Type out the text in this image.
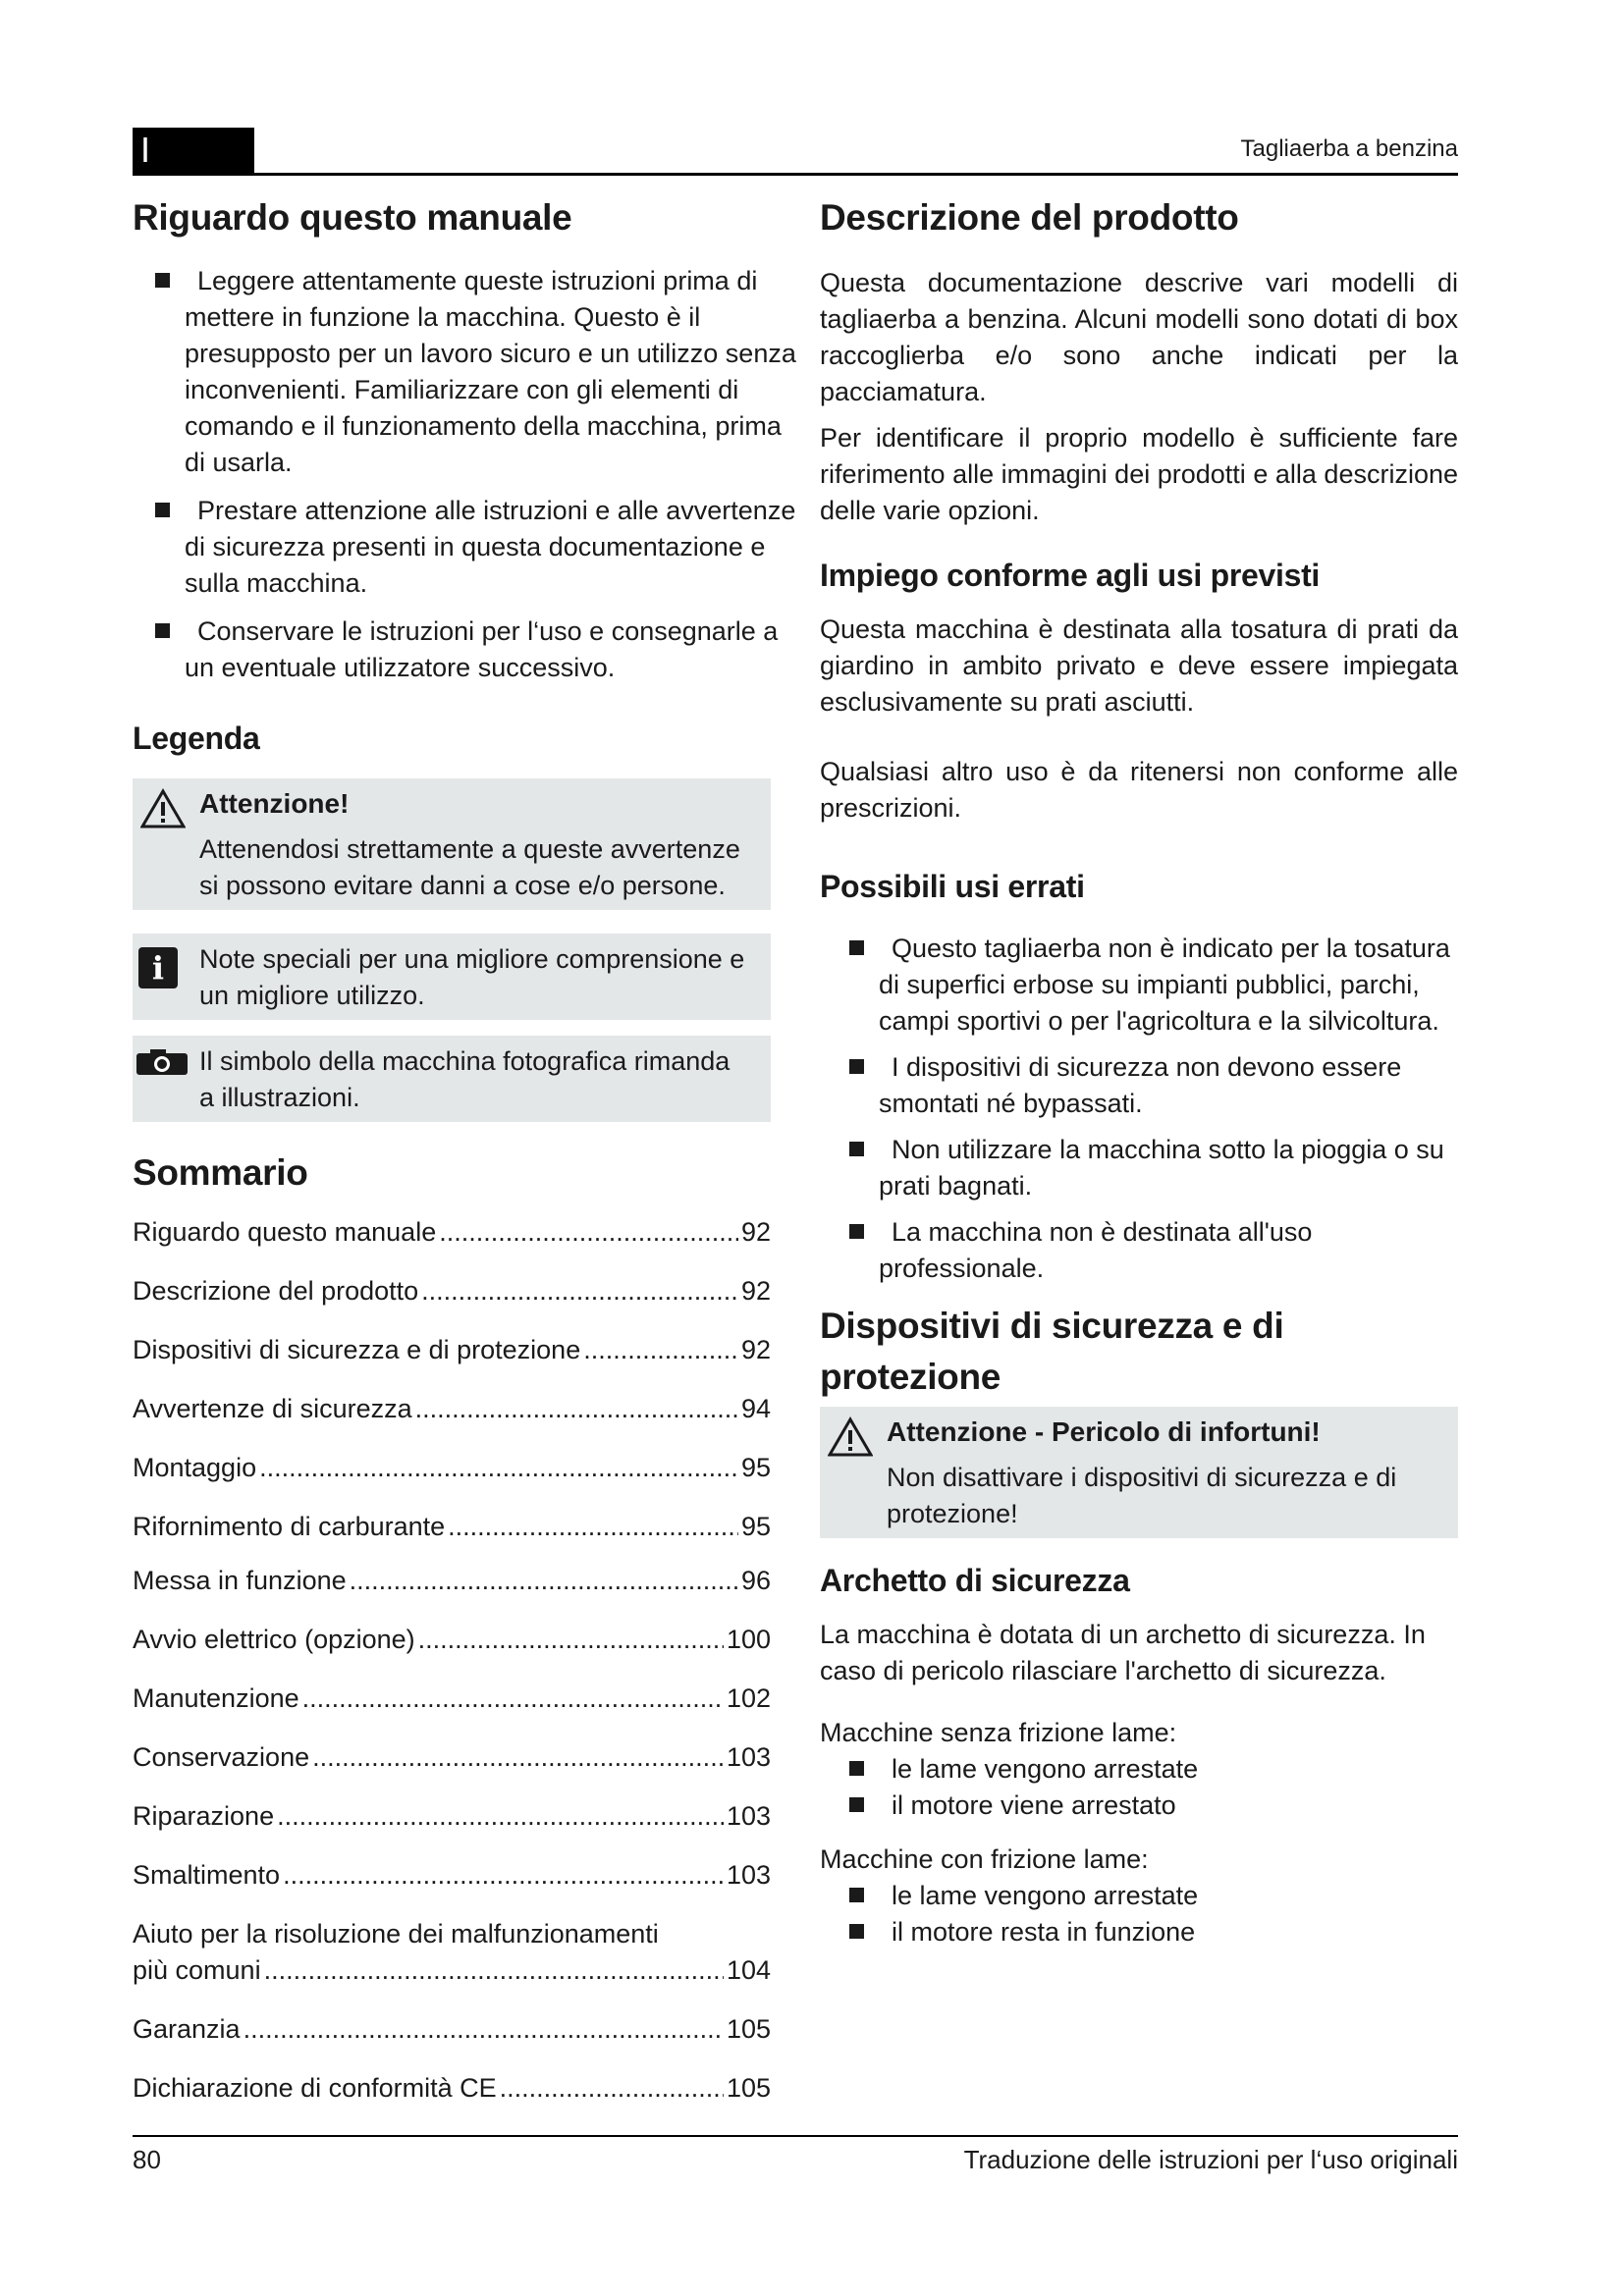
I	Tagliaerba a benzina
Riguardo questo manuale
Leggere attentamente queste istruzioni prima di mettere in funzione la macchina. Questo è il presupposto per un lavoro sicuro e un utilizzo senza inconvenienti. Familiarizzare con gli elementi di comando e il funzionamento della macchina, prima di usarla.
Prestare attenzione alle istruzioni e alle avvertenze di sicurezza presenti in questa documentazione e sulla macchina.
Conservare le istruzioni per l‘uso e consegnarle a un eventuale utilizzatore successivo.
Legenda
Attenzione!
Attenendosi strettamente a queste avvertenze si possono evitare danni a cose e/o persone.
i	Note speciali per una migliore comprensione e un migliore utilizzo.

Il simbolo della macchina fotografica rimanda a illustrazioni.

Sommario
Riguardo questo manuale .....	92
Descrizione del prodotto .....	92
Dispositivi di sicurezza e di protezione .....	92
Avvertenze di sicurezza .....	94
Montaggio .....	95
Rifornimento di carburante .....	95
Messa in funzione .....	96
Avvio elettrico (opzione) .....	100
Manutenzione .....	102
Conservazione .....	103
Riparazione .....	103
Smaltimento .....	103
Aiuto per la risoluzione dei malfunzionamenti
più comuni .....	104
Garanzia .....	105
Dichiarazione di conformità CE .....	105
Descrizione del prodotto

Questa documentazione descrive vari modelli di tagliaerba a benzina. Alcuni modelli sono dotati di box raccoglierba e/o sono anche indicati per la pacciamatura.

Per identificare il proprio modello è sufficiente fare riferimento alle immagini dei prodotti e alla descrizione delle varie opzioni.

Impiego conforme agli usi previsti

Questa macchina è destinata alla tosatura di prati da giardino in ambito privato e deve essere impiegata esclusivamente su prati asciutti.

Qualsiasi altro uso è da ritenersi non conforme alle prescrizioni.

Possibili usi errati
Questo tagliaerba non è indicato per la tosatura di superfici erbose su impianti pubblici, parchi, campi sportivi o per l'agricoltura e la silvicoltura.
I dispositivi di sicurezza non devono essere smontati né bypassati.
Non utilizzare la macchina sotto la pioggia o su prati bagnati.
La macchina non è destinata all'uso professionale.
Dispositivi di sicurezza e di protezione
Attenzione - Pericolo di infortuni!
Non disattivare i dispositivi di sicurezza e di protezione!
Archetto di sicurezza

La macchina è dotata di un archetto di sicurezza. In caso di pericolo rilasciare l'archetto di sicurezza.

Macchine senza frizione lame:

le lame vengono arrestate
il motore viene arrestato

Macchine con frizione lame:

le lame vengono arrestate
il motore resta in funzione
80	Traduzione delle istruzioni per l‘uso originali
